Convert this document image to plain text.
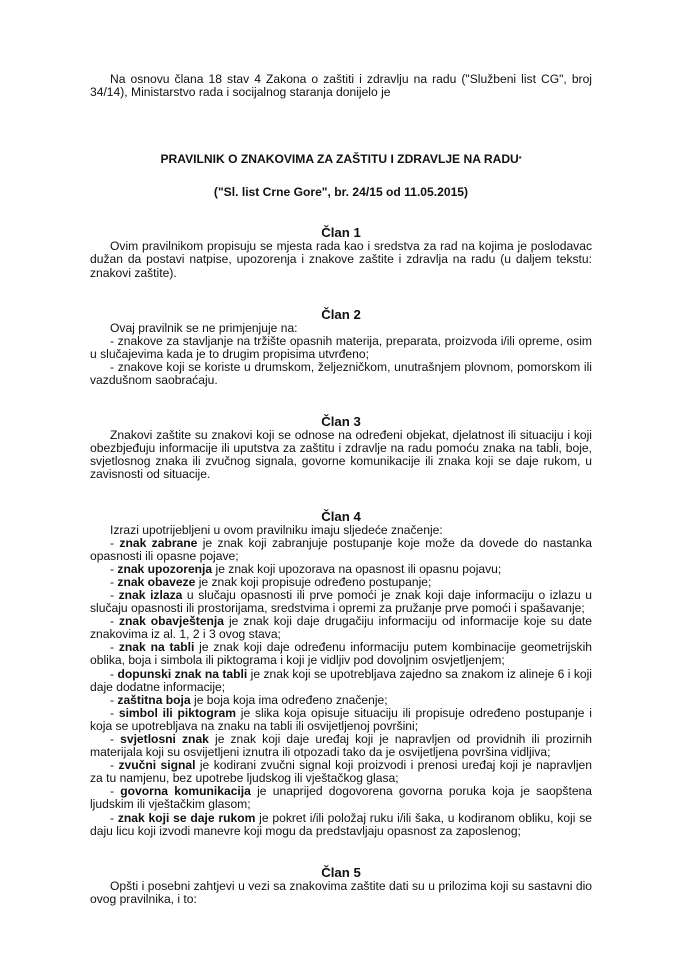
Na osnovu člana 18 stav 4 Zakona o zaštiti i zdravlju na radu ("Službeni list CG", broj 34/14), Ministarstvo rada i socijalnog staranja donijelo je

PRAVILNIK O ZNAKOVIMA ZA ZAŠTITU I ZDRAVLJE NA RADU*

("Sl. list Crne Gore", br. 24/15 od 11.05.2015)

Član 1

Ovim pravilnikom propisuju se mjesta rada kao i sredstva za rad na kojima je poslodavac dužan da postavi natpise, upozorenja i znakove zaštite i zdravlja na radu (u daljem tekstu: znakovi zaštite).

Član 2

Ovaj pravilnik se ne primjenjuje na:

- znakove za stavljanje na tržište opasnih materija, preparata, proizvoda i/ili opreme, osim u slučajevima kada je to drugim propisima utvrđeno;

- znakove koji se koriste u drumskom, željezničkom, unutrašnjem plovnom, pomorskom ili vazdušnom saobraćaju.

Član 3

Znakovi zaštite su znakovi koji se odnose na određeni objekat, djelatnost ili situaciju i koji obezbjeđuju informacije ili uputstva za zaštitu i zdravlje na radu pomoću znaka na tabli, boje, svjetlosnog znaka ili zvučnog signala, govorne komunikacije ili znaka koji se daje rukom, u zavisnosti od situacije.

Član 4

Izrazi upotrijebljeni u ovom pravilniku imaju sljedeće značenje:

- znak zabrane je znak koji zabranjuje postupanje koje može da dovede do nastanka opasnosti ili opasne pojave;

- znak upozorenja je znak koji upozorava na opasnost ili opasnu pojavu;

- znak obaveze je znak koji propisuje određeno postupanje;

- znak izlaza u slučaju opasnosti ili prve pomoći je znak koji daje informaciju o izlazu u slučaju opasnosti ili prostorijama, sredstvima i opremi za pružanje prve pomoći i spašavanje;

- znak obavještenja je znak koji daje drugačiju informaciju od informacije koje su date znakovima iz al. 1, 2 i 3 ovog stava;

- znak na tabli je znak koji daje određenu informaciju putem kombinacije geometrijskih oblika, boja i simbola ili piktograma i koji je vidljiv pod dovoljnim osvjetljenjem;

- dopunski znak na tabli je znak koji se upotrebljava zajedno sa znakom iz alineje 6 i koji daje dodatne informacije;

- zaštitna boja je boja koja ima određeno značenje;

- simbol ili piktogram je slika koja opisuje situaciju ili propisuje određeno postupanje i koja se upotrebljava na znaku na tabli ili osvijetljenoj površini;

- svjetlosni znak je znak koji daje uređaj koji je napravljen od providnih ili prozirnih materijala koji su osvijetljeni iznutra ili otpozadi tako da je osvijetljena površina vidljiva;

- zvučni signal je kodirani zvučni signal koji proizvodi i prenosi uređaj koji je napravljen za tu namjenu, bez upotrebe ljudskog ili vještačkog glasa;

- govorna komunikacija je unaprijed dogovorena govorna poruka koja je saopštena ljudskim ili vještačkim glasom;

- znak koji se daje rukom je pokret i/ili položaj ruku i/ili šaka, u kodiranom obliku, koji se daju licu koji izvodi manevre koji mogu da predstavljaju opasnost za zaposlenog;

Član 5

Opšti i posebni zahtjevi u vezi sa znakovima zaštite dati su u prilozima koji su sastavni dio ovog pravilnika, i to:
